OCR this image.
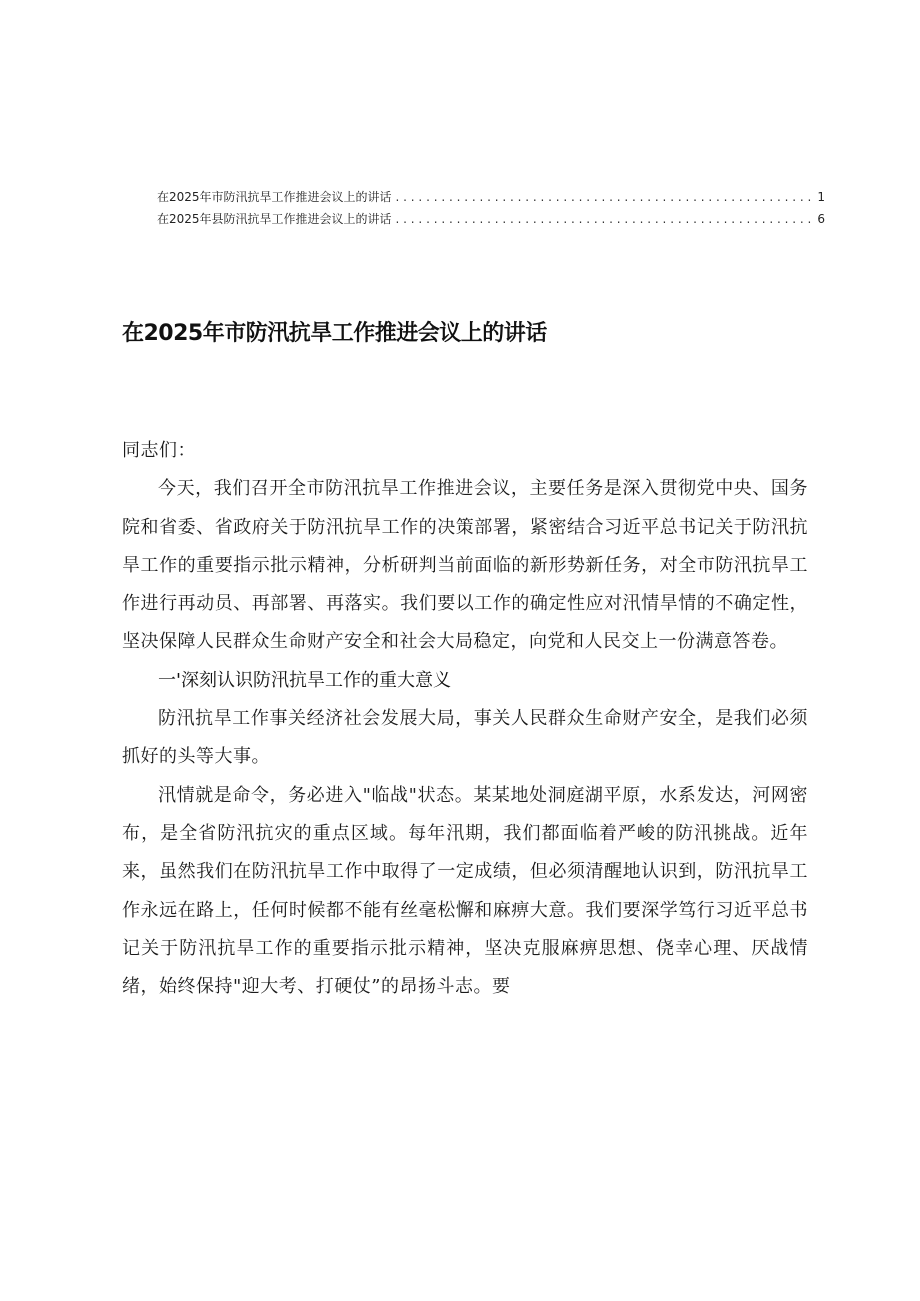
在2025年市防汛抗旱工作推进会议上的讲话 . . .	1
在2025年县防汛抗旱工作推进会议上的讲话 . . .	6
在2025年市防汛抗旱工作推进会议上的讲话

同志们：

今天，我们召开全市防汛抗旱工作推进会议，主要任务是深入贯彻党中央、国务院和省委、省政府关于防汛抗旱工作的决策部署，紧密结合习近平总书记关于防汛抗旱工作的重要指示批示精神，分析研判当前面临的新形势新任务，对全市防汛抗旱工作进行再动员、再部署、再落实。我们要以工作的确定性应对汛情旱情的不确定性，坚决保障人民群众生命财产安全和社会大局稳定，向党和人民交上一份满意答卷。

一'深刻认识防汛抗旱工作的重大意义

防汛抗旱工作事关经济社会发展大局，事关人民群众生命财产安全，是我们必须抓好的头等大事。

汛情就是命令，务必进入"临战"状态。某某地处洞庭湖平原，水系发达，河网密布，是全省防汛抗灾的重点区域。每年汛期，我们都面临着严峻的防汛挑战。近年来，虽然我们在防汛抗旱工作中取得了一定成绩，但必须清醒地认识到，防汛抗旱工作永远在路上，任何时候都不能有丝毫松懈和麻痹大意。我们要深学笃行习近平总书记关于防汛抗旱工作的重要指示批示精神，坚决克服麻痹思想、侥幸心理、厌战情绪，始终保持"迎大考、打硬仗”的昂扬斗志。要
